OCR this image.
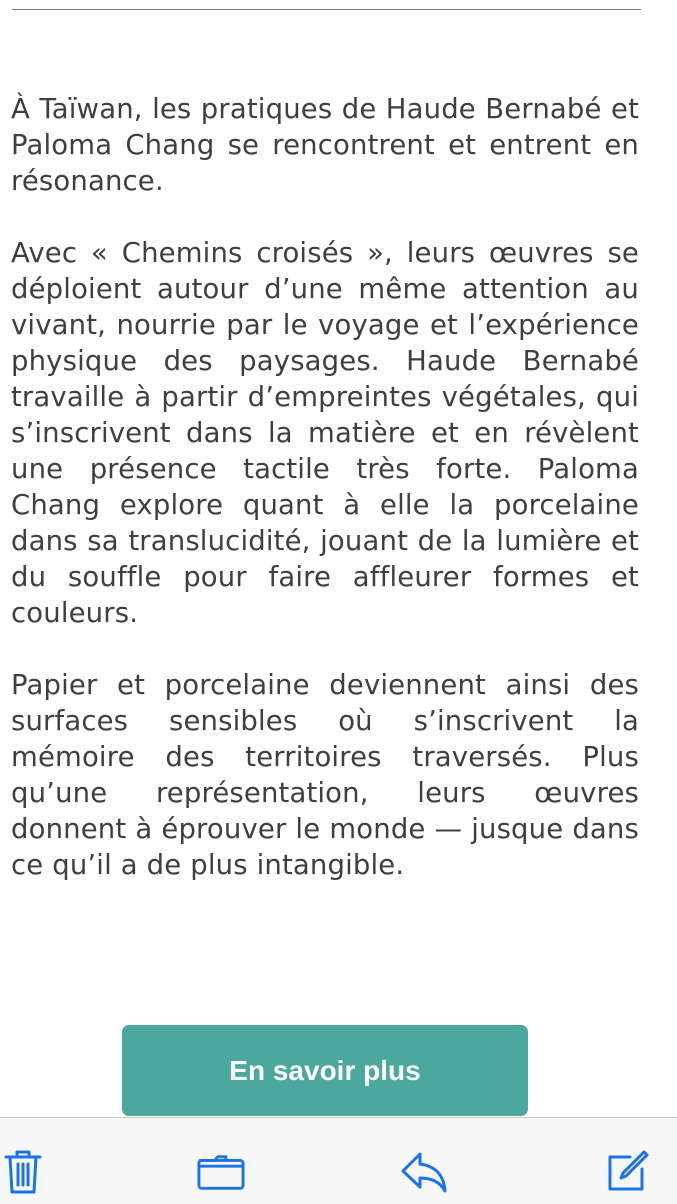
À Taïwan, les pratiques de Haude Bernabé et Paloma Chang se rencontrent et entrent en résonance.

Avec « Chemins croisés », leurs œuvres se déploient autour d’une même attention au vivant, nourrie par le voyage et l’expérience physique des paysages. Haude Bernabé travaille à partir d’empreintes végétales, qui s’inscrivent dans la matière et en révèlent une présence tactile très forte. Paloma Chang explore quant à elle la porcelaine dans sa translucidité, jouant de la lumière et du souffle pour faire affleurer formes et couleurs.

Papier et porcelaine deviennent ainsi des surfaces sensibles où s’inscrivent la mémoire des territoires traversés. Plus qu’une représentation, leurs œuvres donnent à éprouver le monde — jusque dans ce qu’il a de plus intangible.

En savoir plus
